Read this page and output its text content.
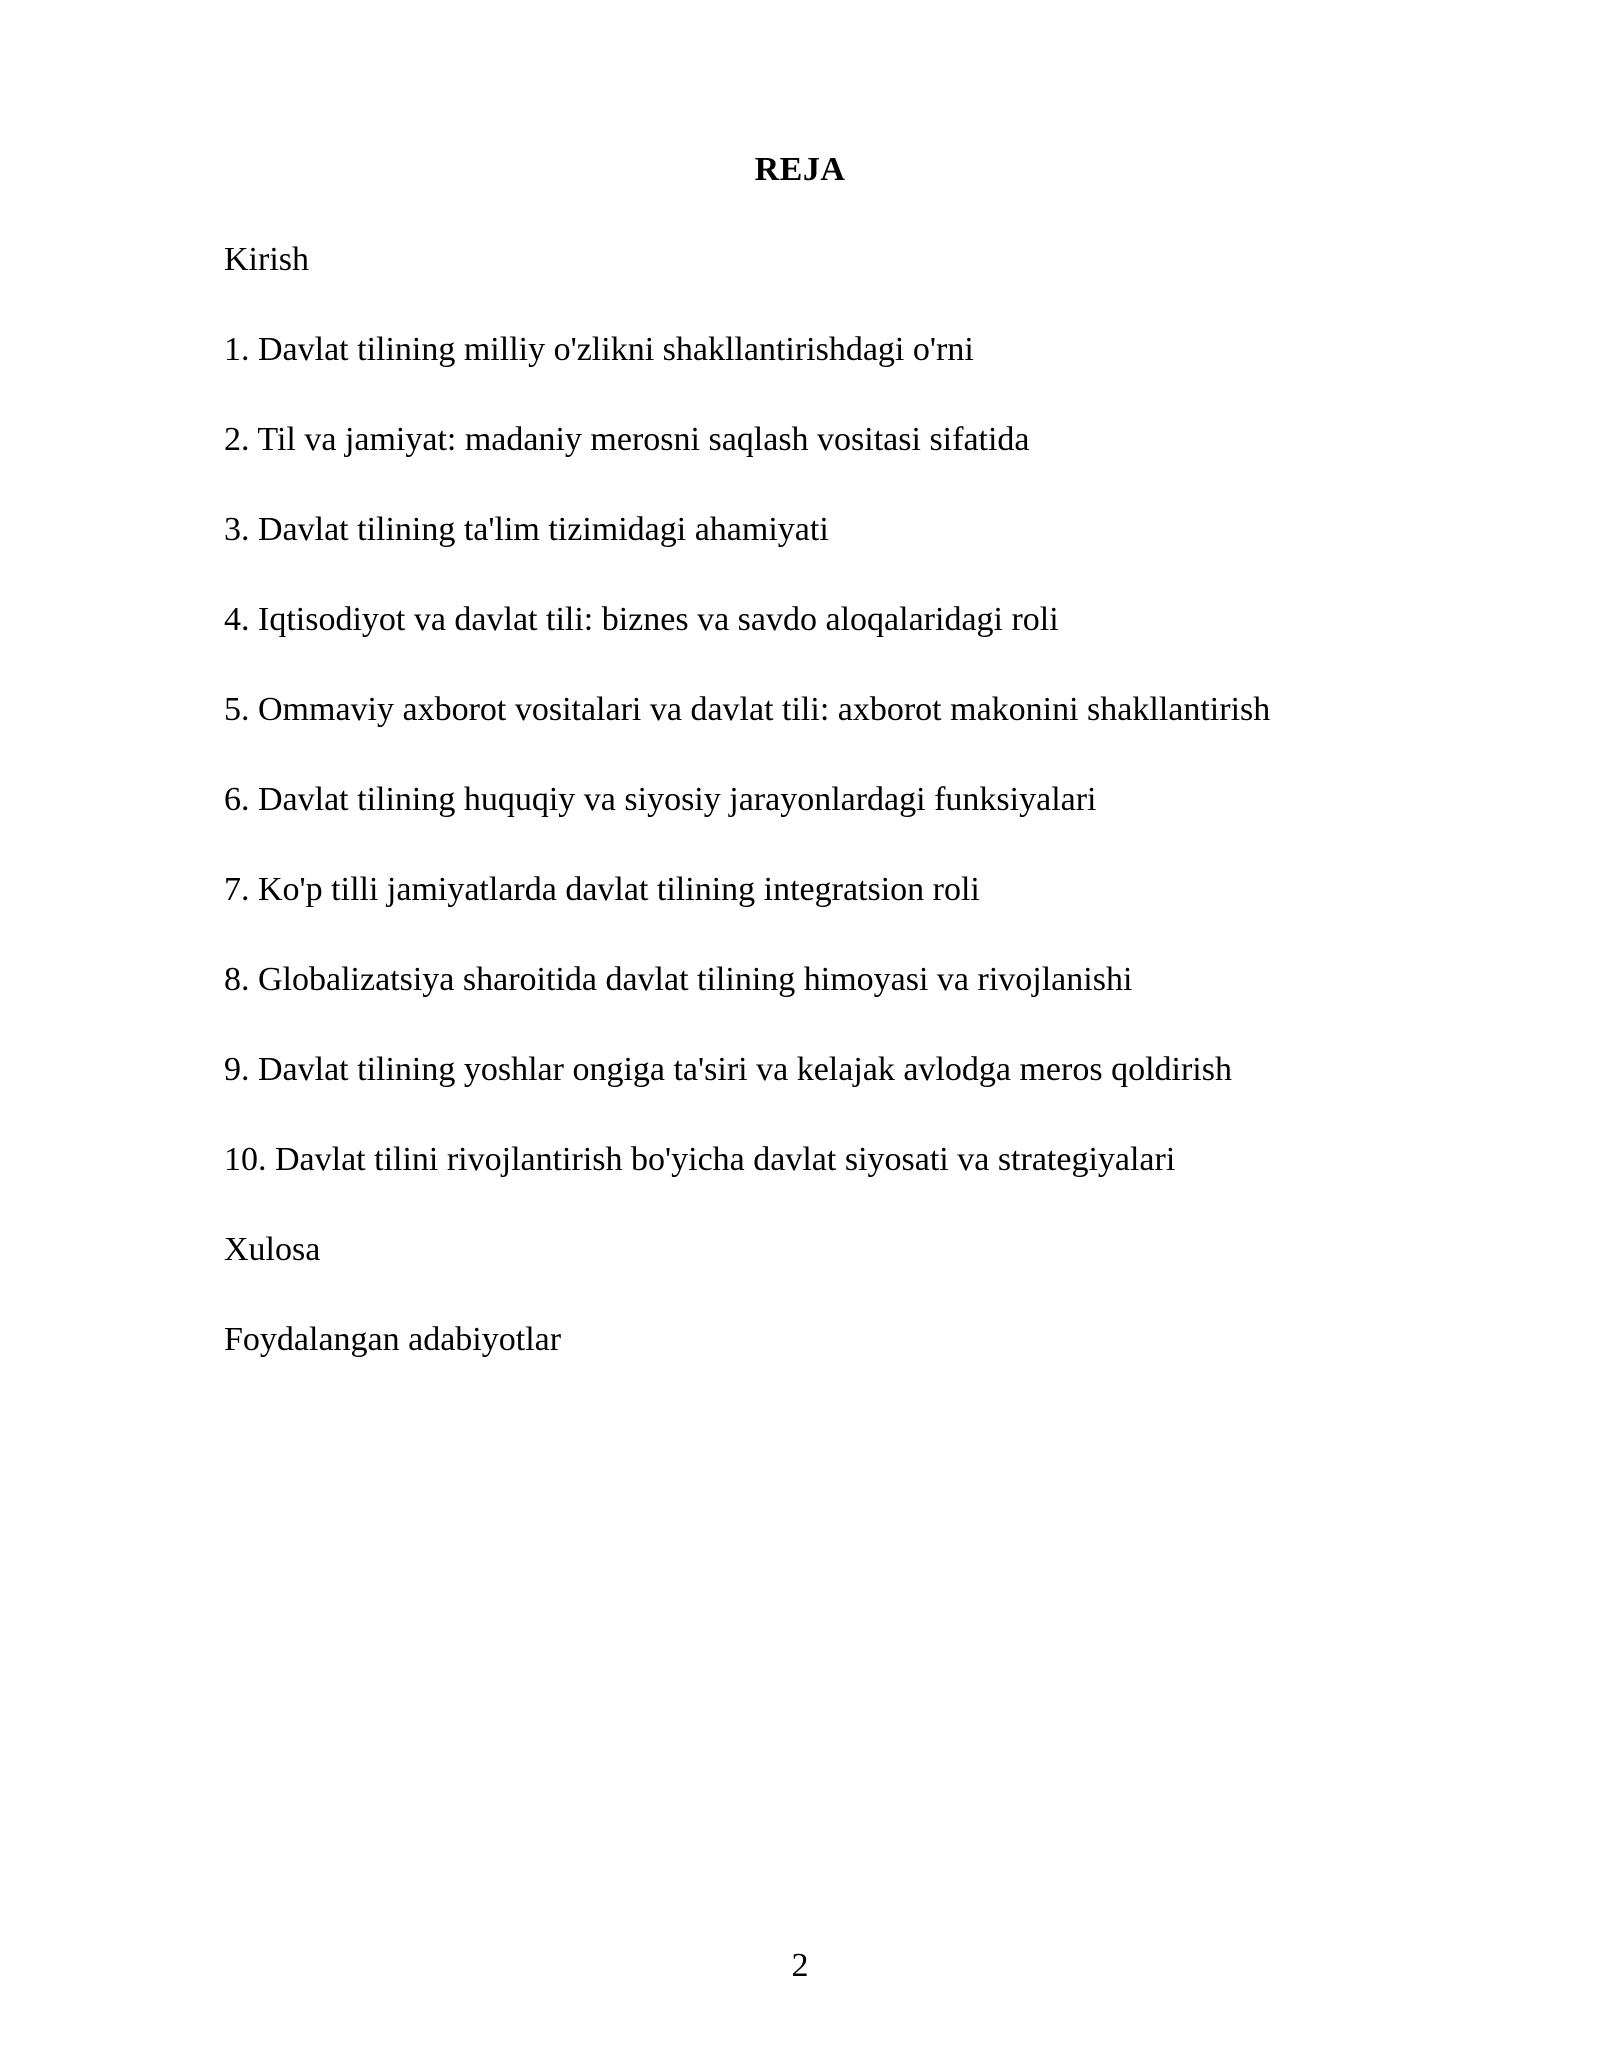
REJA
Kirish
1. Davlat tilining milliy o'zlikni shakllantirishdagi o'rni
2. Til va jamiyat: madaniy merosni saqlash vositasi sifatida
3. Davlat tilining ta'lim tizimidagi ahamiyati
4. Iqtisodiyot va davlat tili: biznes va savdo aloqalaridagi roli
5. Ommaviy axborot vositalari va davlat tili: axborot makonini shakllantirish
6. Davlat tilining huquqiy va siyosiy jarayonlardagi funksiyalari
7. Ko'p tilli jamiyatlarda davlat tilining integratsion roli
8. Globalizatsiya sharoitida davlat tilining himoyasi va rivojlanishi
9. Davlat tilining yoshlar ongiga ta'siri va kelajak avlodga meros qoldirish
10. Davlat tilini rivojlantirish bo'yicha davlat siyosati va strategiyalari
Xulosa
Foydalangan adabiyotlar
2
